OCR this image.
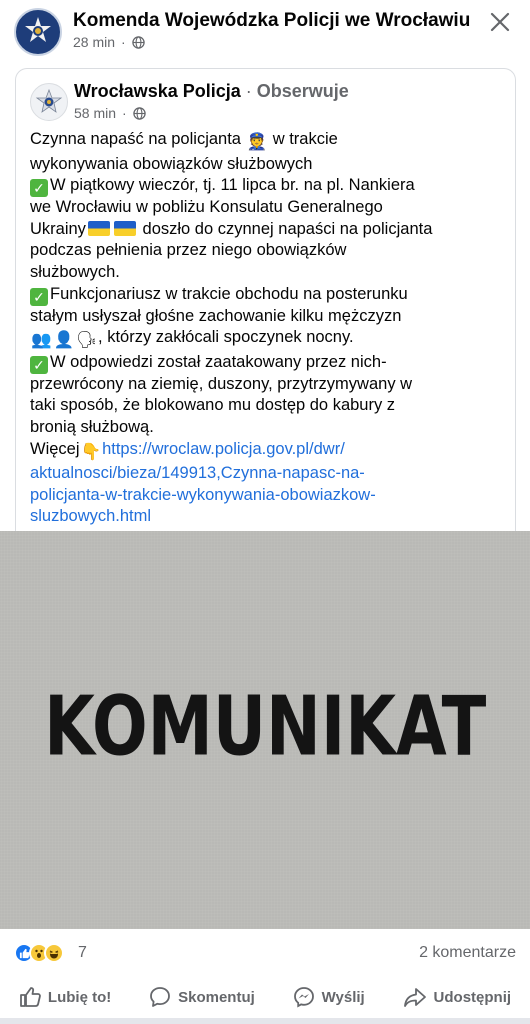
Komenda Wojewódzka Policji we Wrocławiu
28 min ·
Wrocławska Policja · Obserwuje
58 min ·
Czynna napaść na policjanta 👮 w trakcie
wykonywania obowiązków służbowych
✓ W piątkowy wieczór, tj. 11 lipca br. na pl. Nankiera
we Wrocławiu w pobliżu Konsulatu Generalnego
Ukrainy	doszło do czynnej napaści na policjanta
podczas pełnienia przez niego obowiązków
służbowych.
✓ Funkcjonariusz w trakcie obchodu na posterunku
stałym usłyszał głośne zachowanie kilku mężczyzn
👥 👤 🗣, którzy zakłócali spoczynek nocny.
✓ W odpowiedzi został zaatakowany przez nich-
przewrócony na ziemię, duszony, przytrzymywany w
taki sposób, że blokowano mu dostęp do kabury z
bronią służbową.
Więcej👇https://wroclaw.policja.gov.pl/dwr/
aktualnosci/bieza/149913,Czynna-napasc-na-
policjanta-w-trakcie-wykonywania-obowiazkow-
sluzbowych.html
KOMUNIKAT
7	2 komentarze
Lubię to!	Skomentuj	Wyślij	Udostępnij
